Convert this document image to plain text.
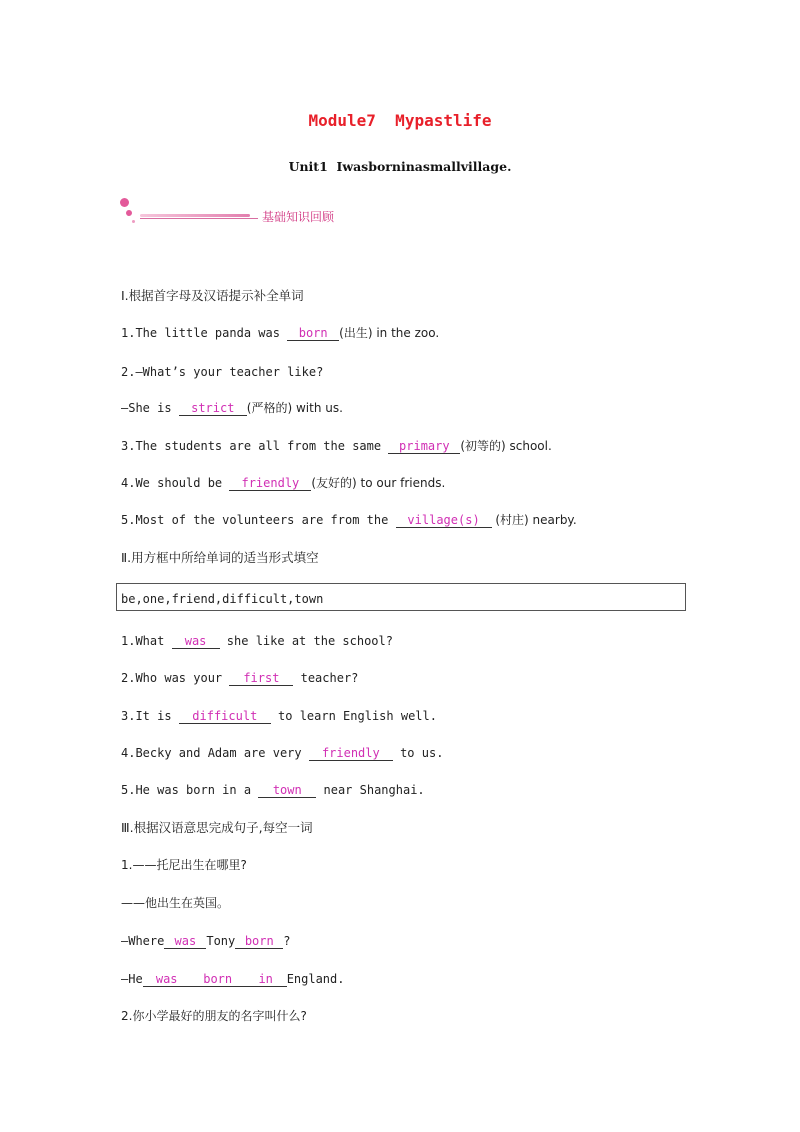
Module7  Mypastlife
Unit1  Iwasborninasmallvillage.
基础知识回顾
Ⅰ.根据首字母及汉语提示补全单词
1.The little panda was born (出生) in the zoo.
2.—What’s your teacher like?
—She is strict (严格的) with us.
3.The students are all from the same primary (初等的) school.
4.We should be friendly (友好的) to our friends.
5.Most of the volunteers are from the village(s) (村庄) nearby.
Ⅱ.用方框中所给单词的适当形式填空
be,one,friend,difficult,town
1.What was she like at the school?
2.Who was your first teacher?
3.It is difficult to learn English well.
4.Becky and Adam are very friendly to us.
5.He was born in a town near Shanghai.
Ⅲ.根据汉语意思完成句子,每空一词
1.——托尼出生在哪里?
——他出生在英国。
—Where was Tony born ?
—He was born in England.
2.你小学最好的朋友的名字叫什么?
